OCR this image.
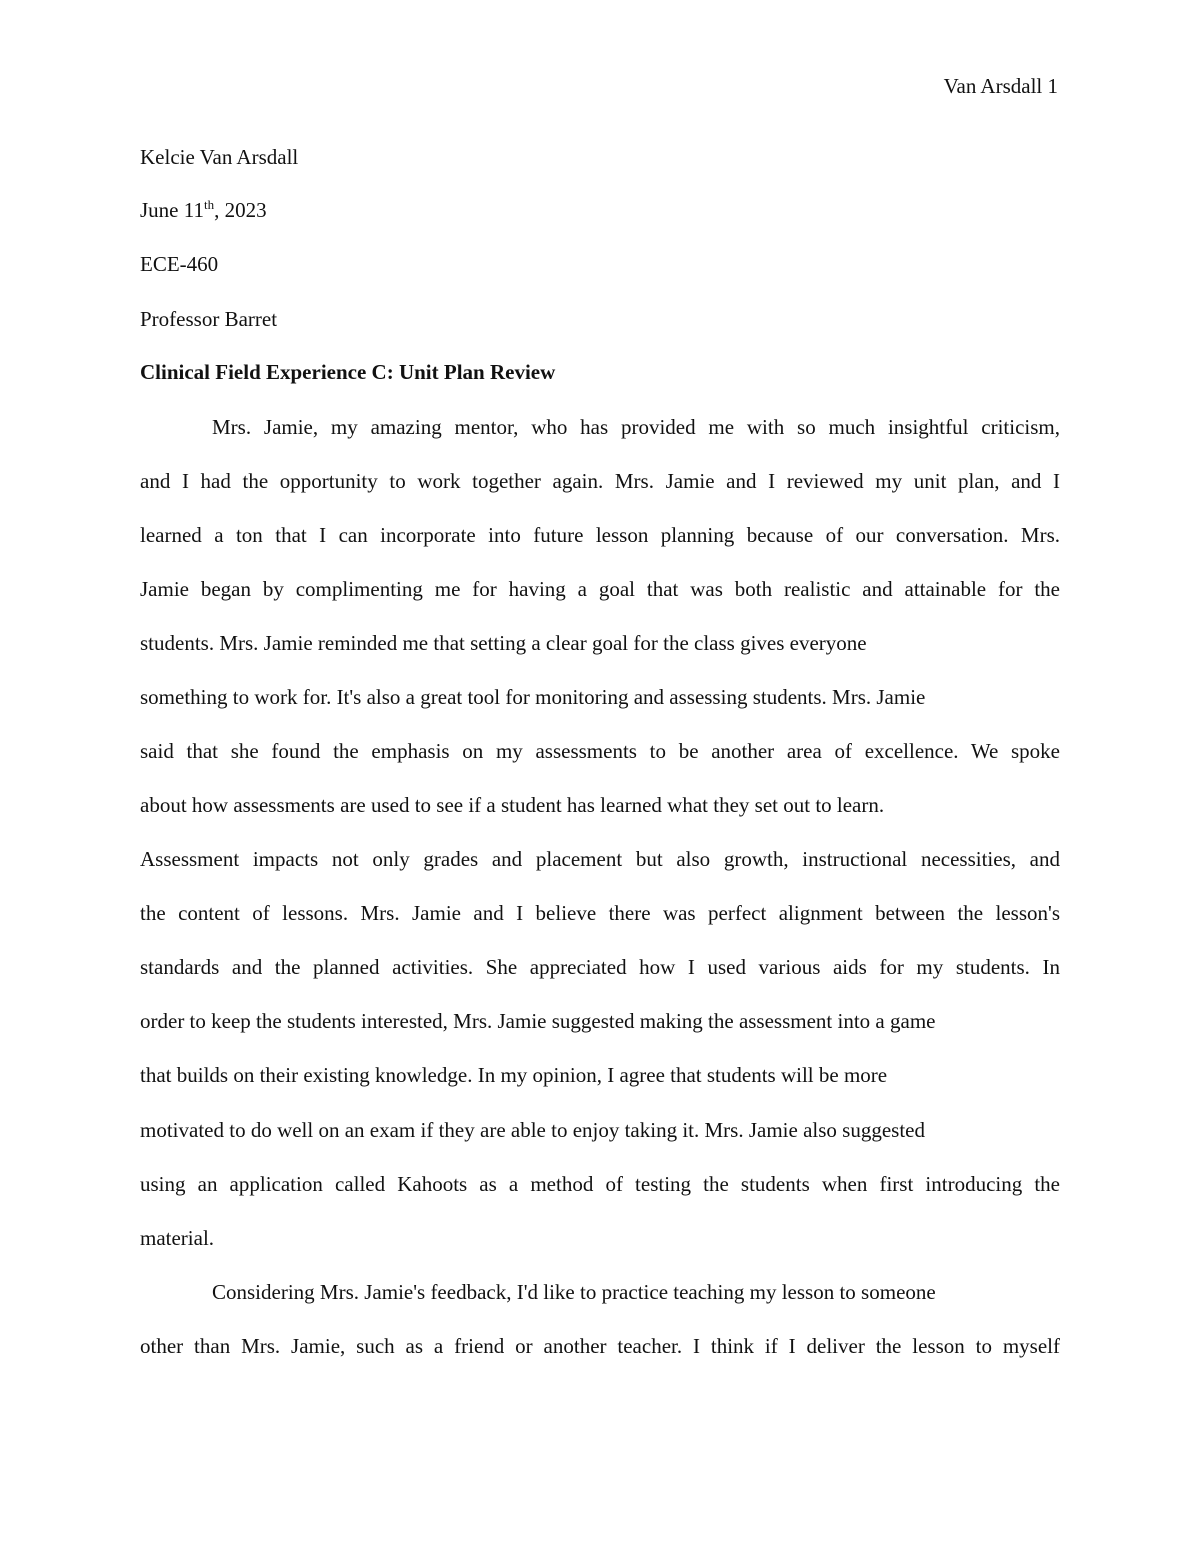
Van Arsdall 1
Kelcie Van Arsdall
June 11th, 2023
ECE-460
Professor Barret
Clinical Field Experience C: Unit Plan Review
Mrs. Jamie, my amazing mentor, who has provided me with so much insightful criticism,
and I had the opportunity to work together again. Mrs. Jamie and I reviewed my unit plan, and I
learned a ton that I can incorporate into future lesson planning because of our conversation. Mrs.
Jamie began by complimenting me for having a goal that was both realistic and attainable for the
students. Mrs. Jamie reminded me that setting a clear goal for the class gives everyone
something to work for. It's also a great tool for monitoring and assessing students. Mrs. Jamie
said that she found the emphasis on my assessments to be another area of excellence. We spoke
about how assessments are used to see if a student has learned what they set out to learn.
Assessment impacts not only grades and placement but also growth, instructional necessities, and
the content of lessons. Mrs. Jamie and I believe there was perfect alignment between the lesson's
standards and the planned activities. She appreciated how I used various aids for my students. In
order to keep the students interested, Mrs. Jamie suggested making the assessment into a game
that builds on their existing knowledge. In my opinion, I agree that students will be more
motivated to do well on an exam if they are able to enjoy taking it. Mrs. Jamie also suggested
using an application called Kahoots as a method of testing the students when first introducing the
material.
Considering Mrs. Jamie's feedback, I'd like to practice teaching my lesson to someone
other than Mrs. Jamie, such as a friend or another teacher. I think if I deliver the lesson to myself
